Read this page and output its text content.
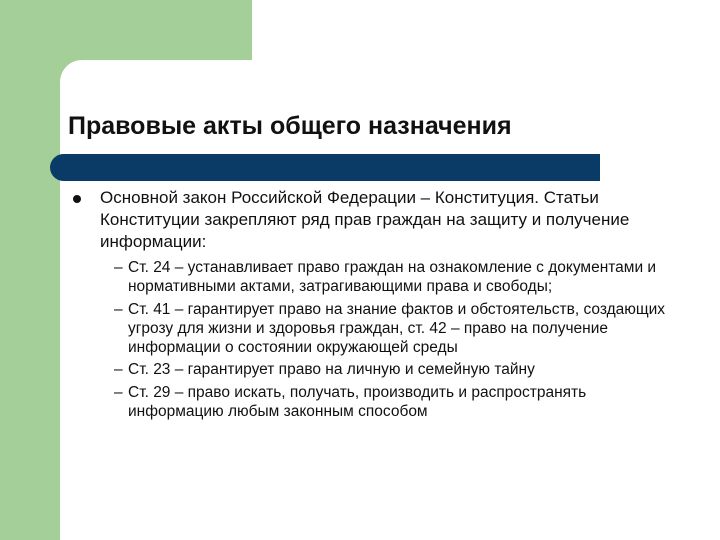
Правовые акты общего назначения

Основной закон Российской Федерации – Конституция. Статьи Конституции закрепляют ряд прав граждан на защиту и получение информации:

– Ст. 24 – устанавливает право граждан на ознакомление с документами и нормативными актами, затрагивающими права и свободы;
– Ст. 41 – гарантирует право на знание фактов и обстоятельств, создающих угрозу для жизни и здоровья граждан, ст. 42 – право на получение информации о состоянии окружающей среды
– Ст. 23 – гарантирует право на личную и семейную тайну
– Ст. 29 – право искать, получать, производить и распространять информацию любым законным способом
